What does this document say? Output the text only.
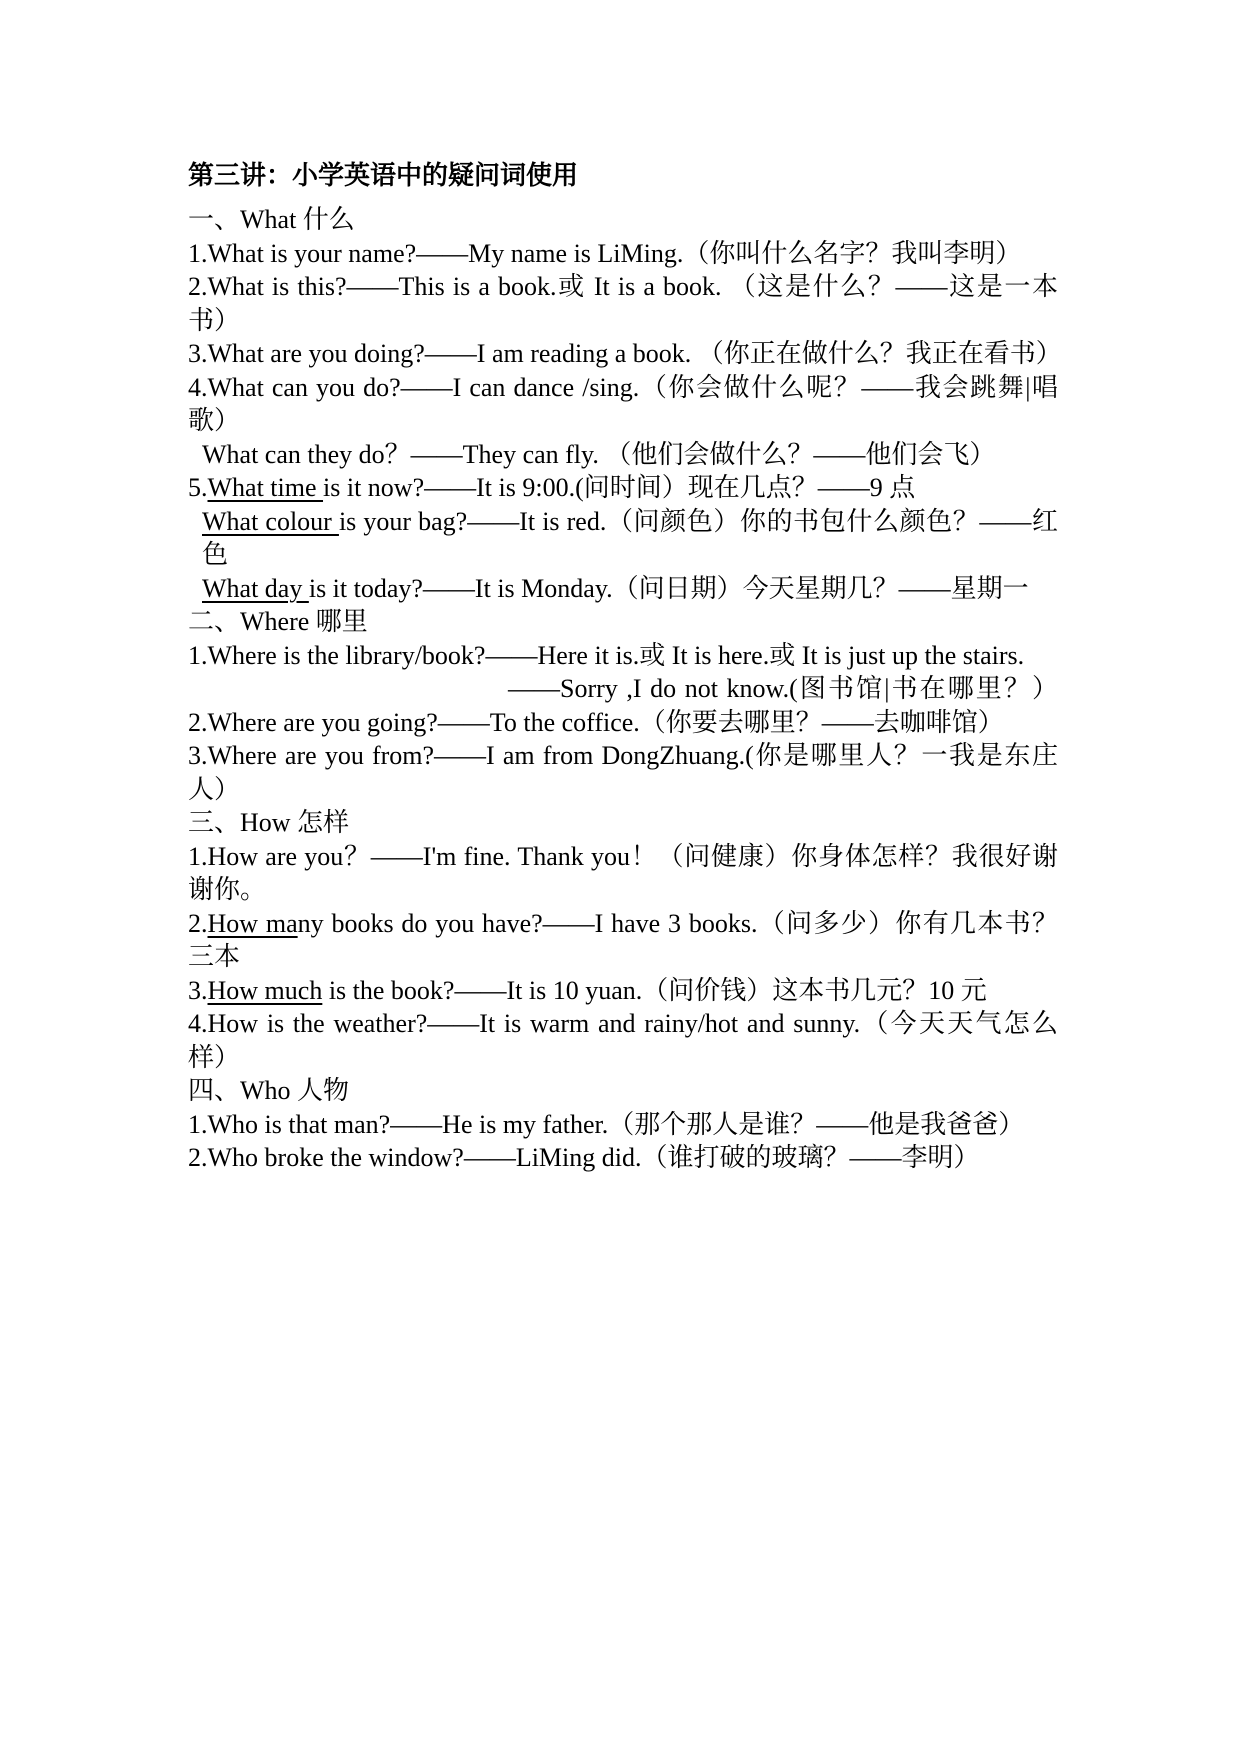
第三讲：小学英语中的疑问词使用
一、What 什么
1.What is your name?——My name is LiMing.（你叫什么名字？我叫李明）
2.What is this?——This is a book.或 It is a book. （这是什么？——这是一本书）
3.What are you doing?——I am reading a book. （你正在做什么？我正在看书）
4.What can you do?——I can dance /sing.（你会做什么呢？——我会跳舞|唱歌）
What can they do？——They can fly. （他们会做什么？——他们会飞）
5.What time is it now?——It is 9:00.(问时间）现在几点？——9 点
What colour is your bag?——It is red.（问颜色）你的书包什么颜色？——红色
What day is it today?——It is Monday.（问日期）今天星期几？——星期一
二、Where 哪里
1.Where is the library/book?——Here it is.或 It is here.或 It is just up the stairs.
——Sorry ,I do not know.(图书馆|书在哪里？）
2.Where are you going?——To the coffice.（你要去哪里？——去咖啡馆）
3.Where are you from?——I am from DongZhuang.(你是哪里人？一我是东庄人）
三、How 怎样
1.How are you？——I'm fine. Thank you！（问健康）你身体怎样？我很好谢谢你。
2.How many books do you have?——I have 3 books.（问多少）你有几本书？三本
3.How much is the book?——It is 10 yuan.（问价钱）这本书几元？10 元
4.How is the weather?——It is warm and rainy/hot and sunny.（今天天气怎么样）
四、Who 人物
1.Who is that man?——He is my father.（那个那人是谁？——他是我爸爸）
2.Who broke the window?——LiMing did.（谁打破的玻璃？——李明）
